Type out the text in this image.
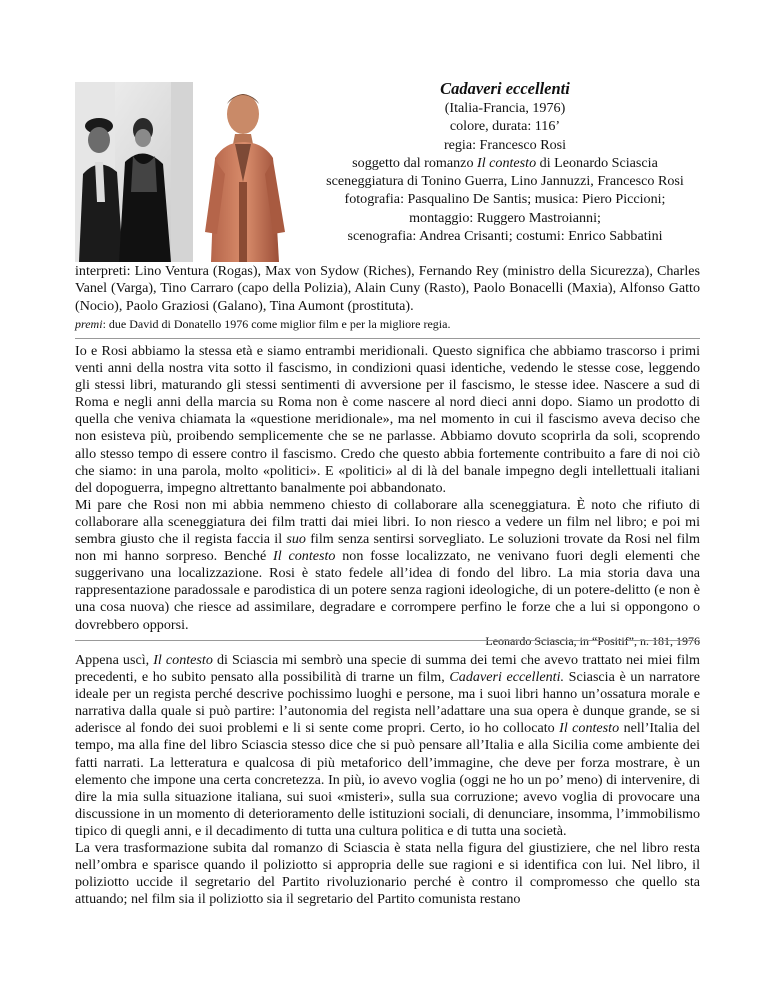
Cadaveri eccellenti
(Italia-Francia, 1976)
colore, durata: 116’
regia: Francesco Rosi
soggetto dal romanzo Il contesto di Leonardo Sciascia
sceneggiatura di Tonino Guerra, Lino Jannuzzi, Francesco Rosi
fotografia: Pasqualino De Santis; musica: Piero Piccioni;
montaggio: Ruggero Mastroianni;
scenografia: Andrea Crisanti; costumi: Enrico Sabbatini
interpreti: Lino Ventura (Rogas), Max von Sydow (Riches), Fernando Rey (ministro della Sicurezza), Charles Vanel (Varga), Tino Carraro (capo della Polizia), Alain Cuny (Rasto), Paolo Bonacelli (Maxia), Alfonso Gatto (Nocio), Paolo Graziosi (Galano), Tina Aumont (prostituta).
premi: due David di Donatello 1976 come miglior film e per la migliore regia.

Io e Rosi abbiamo la stessa età e siamo entrambi meridionali. Questo significa che abbiamo trascorso i primi venti anni della nostra vita sotto il fascismo, in condizioni quasi identiche, vedendo le stesse cose, leggendo gli stessi libri, maturando gli stessi sentimenti di avversione per il fascismo, le stesse idee. Nascere a sud di Roma e negli anni della marcia su Roma non è come nascere al nord dieci anni dopo. Siamo un prodotto di quella che veniva chiamata la «questione meridionale», ma nel momento in cui il fascismo aveva deciso che non esisteva più, proibendo semplicemente che se ne parlasse. Abbiamo dovuto scoprirla da soli, scoprendo allo stesso tempo di essere contro il fascismo. Credo che questo abbia fortemente contribuito a fare di noi ciò che siamo: in una parola, molto «politici». E «politici» al di là del banale impegno degli intellettuali italiani del dopoguerra, impegno altrettanto banalmente poi abbandonato.

Mi pare che Rosi non mi abbia nemmeno chiesto di collaborare alla sceneggiatura. È noto che rifiuto di collaborare alla sceneggiatura dei film tratti dai miei libri. Io non riesco a vedere un film nel libro; e poi mi sembra giusto che il regista faccia il suo film senza sentirsi sorvegliato. Le soluzioni trovate da Rosi nel film non mi hanno sorpreso. Benché Il contesto non fosse localizzato, ne venivano fuori degli elementi che suggerivano una localizzazione. Rosi è stato fedele all’idea di fondo del libro. La mia storia dava una rappresentazione paradossale e parodistica di un potere senza ragioni ideologiche, di un potere-delitto (e non è una cosa nuova) che riesce ad assimilare, degradare e corrompere perfino le forze che a lui si oppongono o dovrebbero opporsi.

Leonardo Sciascia, in “Positif”, n. 181, 1976

Appena uscì, Il contesto di Sciascia mi sembrò una specie di summa dei temi che avevo trattato nei miei film precedenti, e ho subito pensato alla possibilità di trarne un film, Cadaveri eccellenti. Sciascia è un narratore ideale per un regista perché descrive pochissimo luoghi e persone, ma i suoi libri hanno un’ossatura morale e narrativa dalla quale si può partire: l’autonomia del regista nell’adattare una sua opera è dunque grande, se si aderisce al fondo dei suoi problemi e li si sente come propri. Certo, io ho collocato Il contesto nell’Italia del tempo, ma alla fine del libro Sciascia stesso dice che si può pensare all’Italia e alla Sicilia come ambiente dei fatti narrati. La letteratura e qualcosa di più metaforico dell’immagine, che deve per forza mostrare, è un elemento che impone una certa concretezza. In più, io avevo voglia (oggi ne ho un po’ meno) di intervenire, di dire la mia sulla situazione italiana, sui suoi «misteri», sulla sua corruzione; avevo voglia di provocare una discussione in un momento di deterioramento delle istituzioni sociali, di denunciare, insomma, l’immobilismo tipico di quegli anni, e il decadimento di tutta una cultura politica e di tutta una società.

La vera trasformazione subita dal romanzo di Sciascia è stata nella figura del giustiziere, che nel libro resta nell’ombra e sparisce quando il poliziotto si appropria delle sue ragioni e si identifica con lui. Nel libro, il poliziotto uccide il segretario del Partito rivoluzionario perché è contro il compromesso che quello sta attuando; nel film sia il poliziotto sia il segretario del Partito comunista restano
